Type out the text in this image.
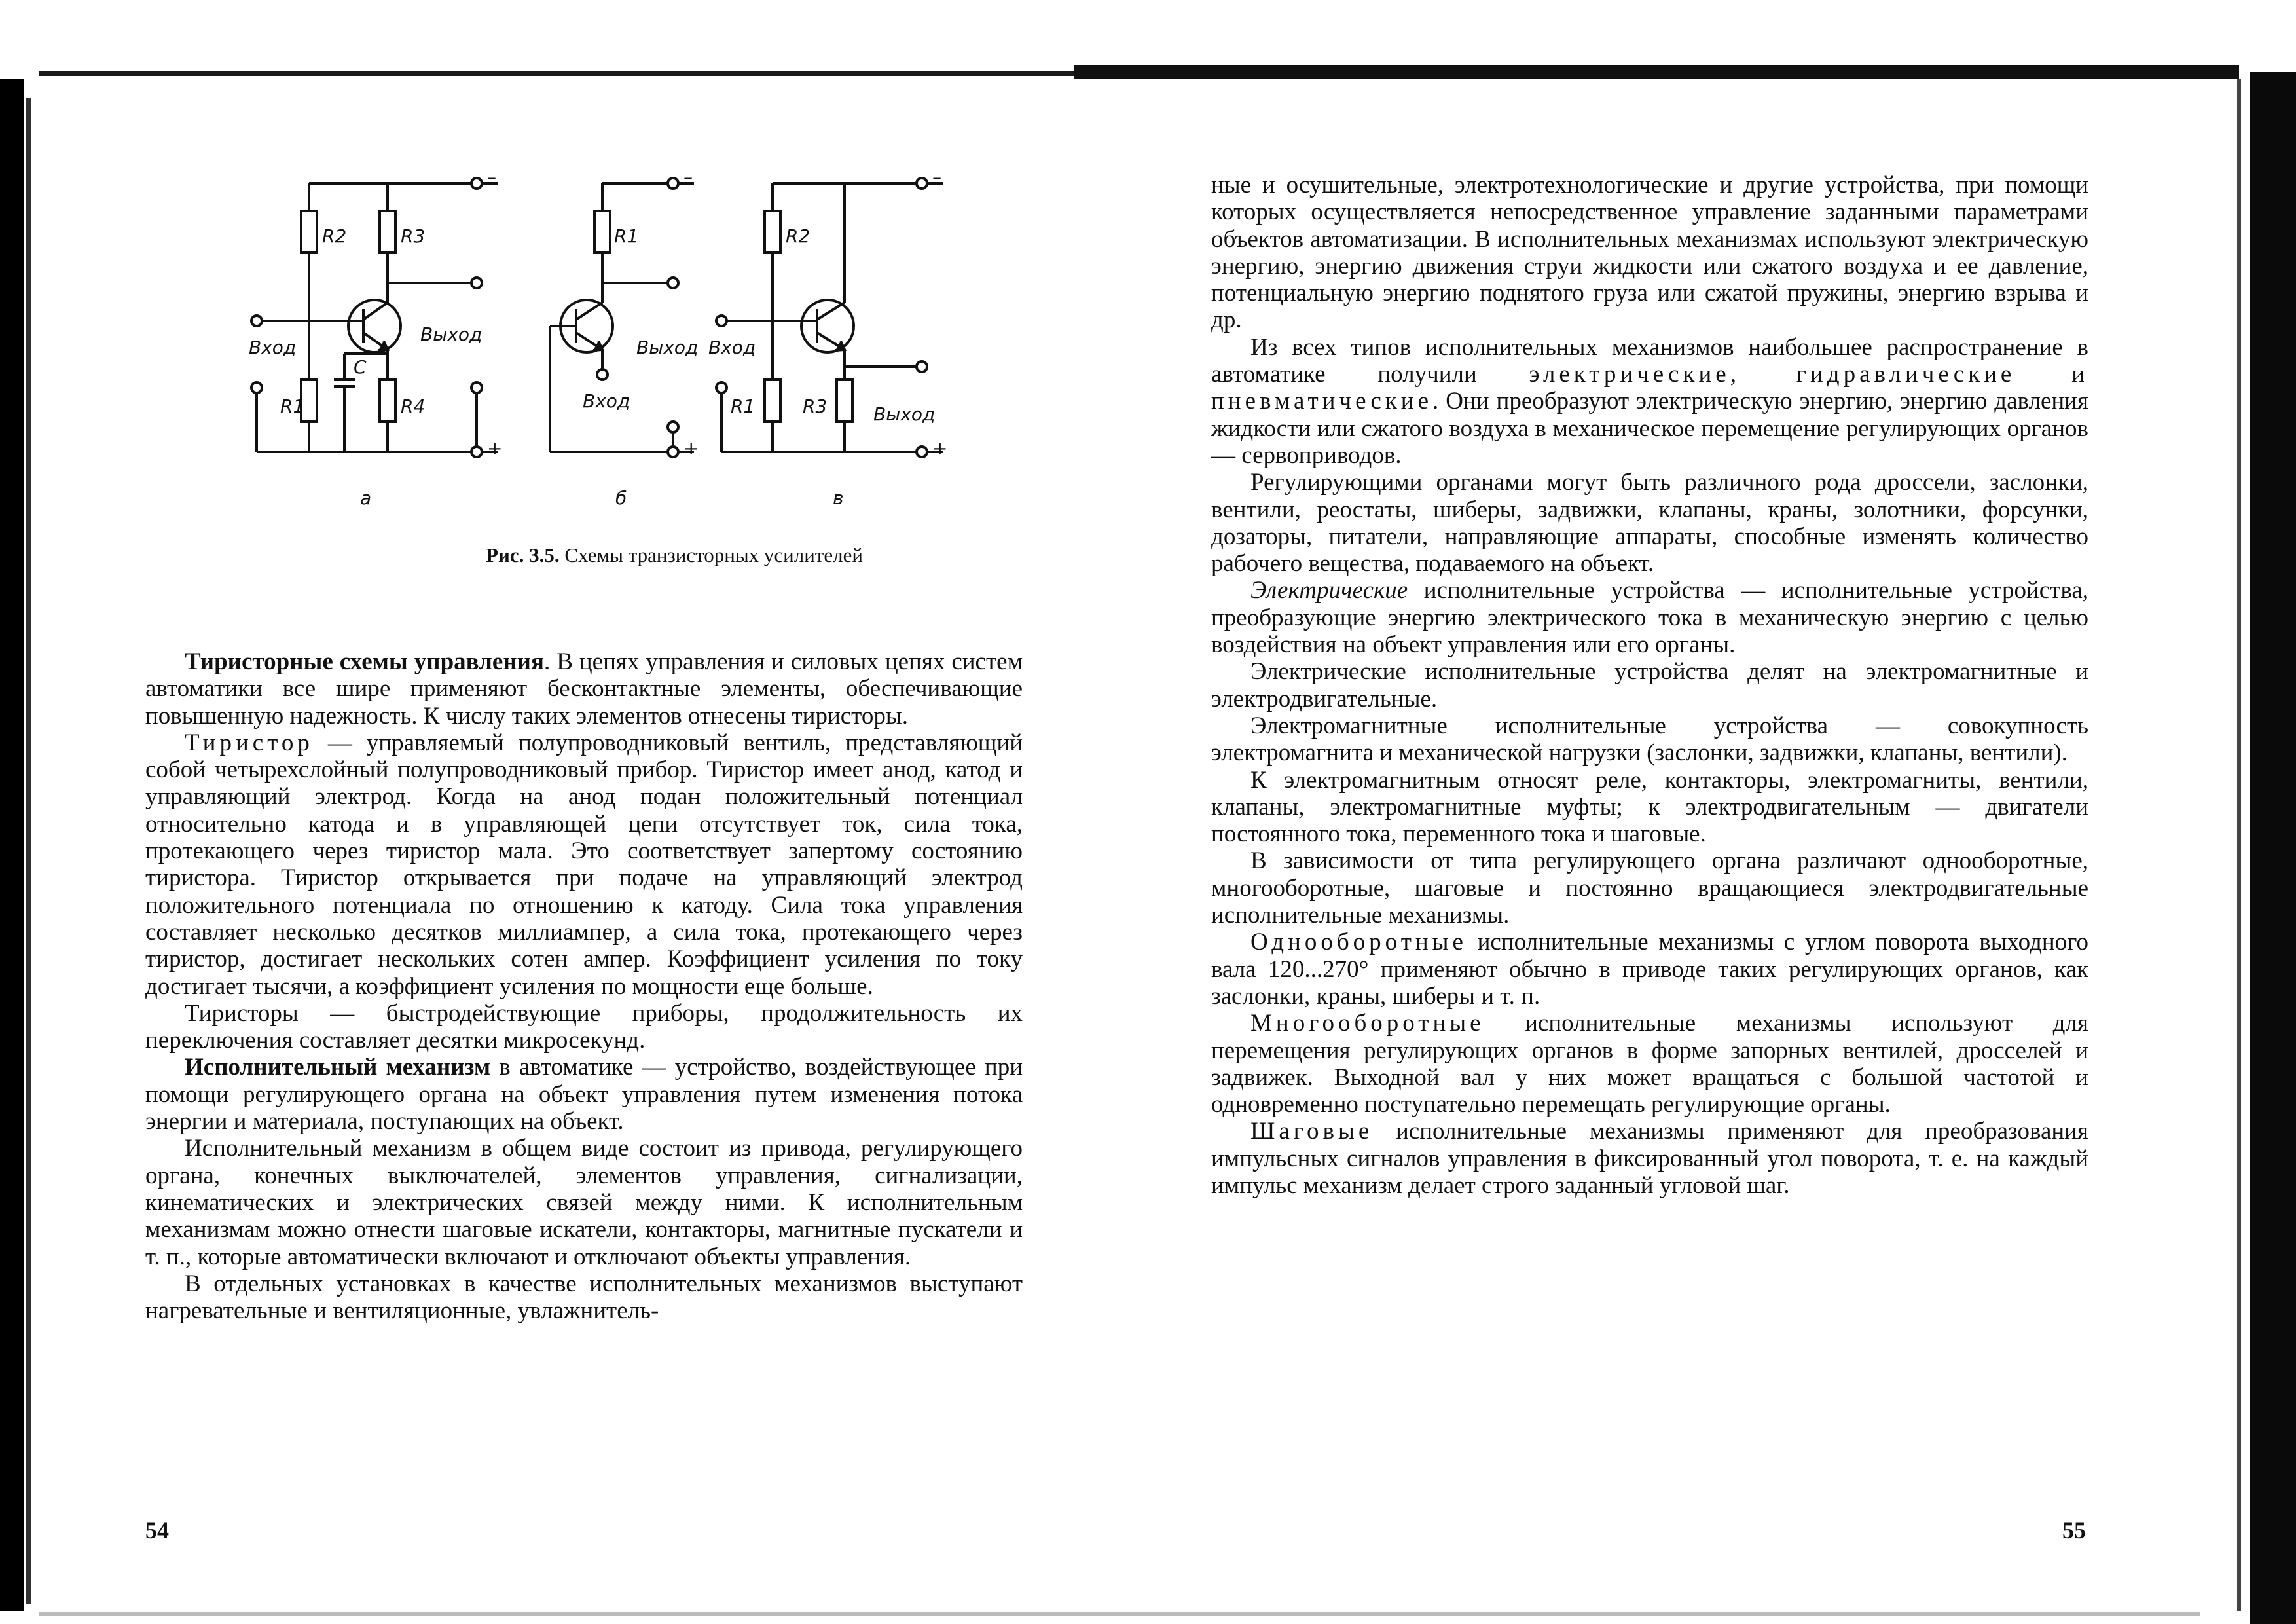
R2	R3
R1	R4
C
Вход
Выход
–
+
а
R1
Вход
Выход
–
+
б
R2
R1	R3
Вход
Выход
–
+
в
Рис. 3.5. Схемы транзисторных усилителей

Тиристорные схемы управления. В цепях управления и силовых цепях систем автоматики все шире применяют бесконтактные элементы, обеспечивающие повышенную надежность. К числу таких элементов отнесены тиристоры.

Тиристор — управляемый полупроводниковый вентиль, представляющий собой четырехслойный полупроводниковый прибор. Тиристор имеет анод, катод и управляющий электрод. Когда на анод подан положительный потенциал относительно катода и в управляющей цепи отсутствует ток, сила тока, протекающего через тиристор мала. Это соответствует запертому состоянию тиристора. Тиристор открывается при подаче на управляющий электрод положительного потенциала по отношению к катоду. Сила тока управления составляет несколько десятков миллиампер, а сила тока, протекающего через тиристор, достигает нескольких сотен ампер. Коэффициент усиления по току достигает тысячи, а коэффициент усиления по мощности еще больше.

Тиристоры — быстродействующие приборы, продолжительность их переключения составляет десятки микросекунд.

Исполнительный механизм в автоматике — устройство, воздействующее при помощи регулирующего органа на объект управления путем изменения потока энергии и материала, поступающих на объект.

Исполнительный механизм в общем виде состоит из привода, регулирующего органа, конечных выключателей, элементов управления, сигнализации, кинематических и электрических связей между ними. К исполнительным механизмам можно отнести шаговые искатели, контакторы, магнитные пускатели и т. п., которые автоматически включают и отключают объекты управления.

В отдельных установках в качестве исполнительных механизмов выступают нагревательные и вентиляционные, увлажнитель-

54

ные и осушительные, электротехнологические и другие устройства, при помощи которых осуществляется непосредственное управление заданными параметрами объектов автоматизации. В исполнительных механизмах используют электрическую энергию, энергию движения струи жидкости или сжатого воздуха и ее давление, потенциальную энергию поднятого груза или сжатой пружины, энергию взрыва и др.

Из всех типов исполнительных механизмов наибольшее распространение в автоматике получили электрические, гидравлические и пневматические. Они преобразуют электрическую энергию, энергию давления жидкости или сжатого воздуха в механическое перемещение регулирующих органов — сервоприводов.

Регулирующими органами могут быть различного рода дроссели, заслонки, вентили, реостаты, шиберы, задвижки, клапаны, краны, золотники, форсунки, дозаторы, питатели, направляющие аппараты, способные изменять количество рабочего вещества, подаваемого на объект.

Электрические исполнительные устройства — исполнительные устройства, преобразующие энергию электрического тока в механическую энергию с целью воздействия на объект управления или его органы.

Электрические исполнительные устройства делят на электромагнитные и электродвигательные.

Электромагнитные исполнительные устройства — совокупность электромагнита и механической нагрузки (заслонки, задвижки, клапаны, вентили).

К электромагнитным относят реле, контакторы, электромагниты, вентили, клапаны, электромагнитные муфты; к электродвигательным — двигатели постоянного тока, переменного тока и шаговые.

В зависимости от типа регулирующего органа различают однооборотные, многооборотные, шаговые и постоянно вращающиеся электродвигательные исполнительные механизмы.

Однооборотные исполнительные механизмы с углом поворота выходного вала 120...270° применяют обычно в приводе таких регулирующих органов, как заслонки, краны, шиберы и т. п.

Многооборотные исполнительные механизмы используют для перемещения регулирующих органов в форме запорных вентилей, дросселей и задвижек. Выходной вал у них может вращаться с большой частотой и одновременно поступательно перемещать регулирующие органы.

Шаговые исполнительные механизмы применяют для преобразования импульсных сигналов управления в фиксированный угол поворота, т. е. на каждый импульс механизм делает строго заданный угловой шаг.

55
